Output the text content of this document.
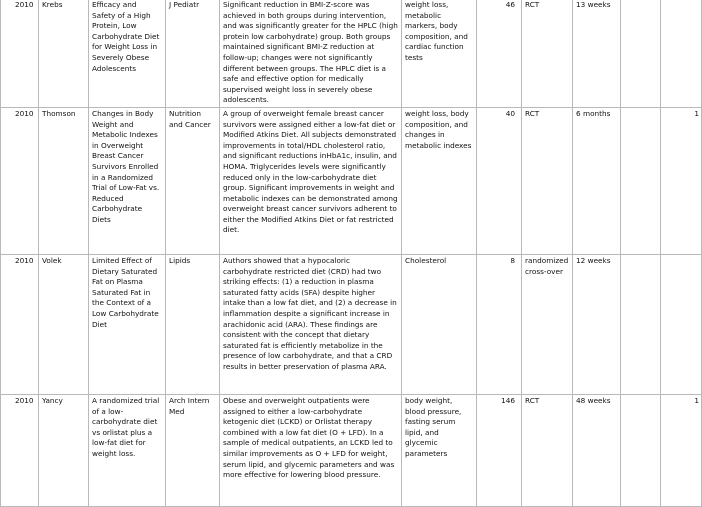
2010	Krebs	Efficacy and Safety of a High Protein, Low Carbohydrate Diet for Weight Loss in Severely Obese Adolescents	J Pediatr	Significant reduction in BMI-Z-score was achieved in both groups during intervention, and was significantly greater for the HPLC (high protein low carbohydrate) group. Both groups maintained significant BMI-Z reduction at follow-up; changes were not significantly different between groups. The HPLC diet is a safe and effective option for medically supervised weight loss in severely obese adolescents.	weight loss, metabolic markers, body composition, and cardiac function tests	46	RCT	13 weeks		
2010	Thomson	Changes in Body Weight and Metabolic Indexes in Overweight Breast Cancer Survivors Enrolled in a Randomized Trial of Low-Fat vs. Reduced Carbohydrate Diets	Nutrition and Cancer	A group of overweight female breast cancer survivors were assigned either a low-fat diet or Modified Atkins Diet. All subjects demonstrated improvements in total/HDL cholesterol ratio, and significant reductions inHbA1c, insulin, and HOMA. Triglycerides levels were significantly reduced only in the low-carbohydrate diet group. Significant improvements in weight and metabolic indexes can be demonstrated among overweight breast cancer survivors adherent to either the Modified Atkins Diet or fat restricted diet.	weight loss, body composition, and changes in metabolic indexes	40	RCT	6 months		1
2010	Volek	Limited Effect of Dietary Saturated Fat on Plasma Saturated Fat in the Context of a Low Carbohydrate Diet	Lipids	Authors showed that a hypocaloric carbohydrate restricted diet (CRD) had two striking effects: (1) a reduction in plasma saturated fatty acids (SFA) despite higher intake than a low fat diet, and (2) a decrease in inflammation despite a significant increase in arachidonic acid (ARA). These findings are consistent with the concept that dietary saturated fat is efficiently metabolize in the presence of low carbohydrate, and that a CRD results in better preservation of plasma ARA.	Cholesterol	8	randomized cross-over	12 weeks		
2010	Yancy	A randomized trial of a low-carbohydrate diet vs orlistat plus a low-fat diet for weight loss.	Arch Intern Med	Obese and overweight outpatients were assigned to either a low-carbohydrate ketogenic diet (LCKD) or Orlistat therapy combined with a low fat diet (O + LFD). In a sample of medical outpatients, an LCKD led to similar improvements as O + LFD for weight, serum lipid, and glycemic parameters and was more effective for lowering blood pressure.	body weight, blood pressure, fasting serum lipid, and glycemic parameters	146	RCT	48 weeks		1
